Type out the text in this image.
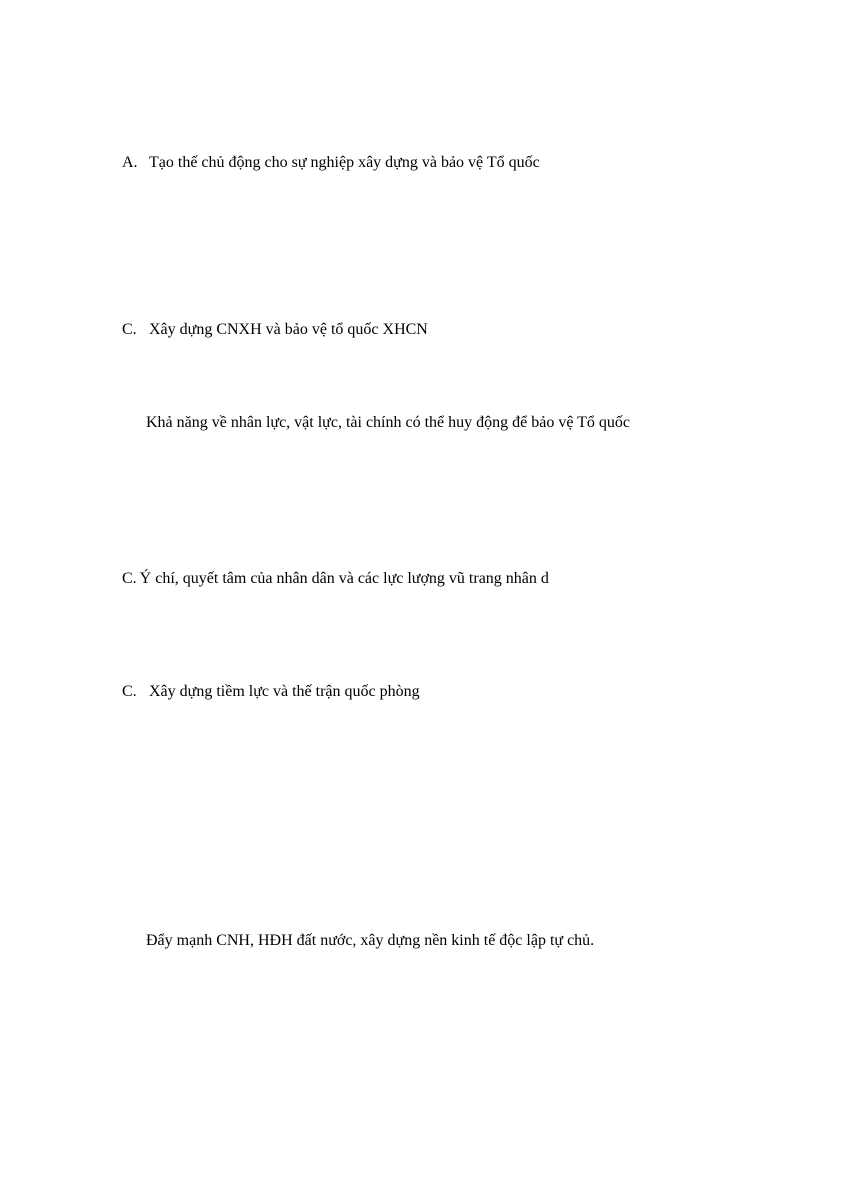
A. Tạo thế chủ động cho sự nghiệp xây dựng và bảo vệ Tổ quốc
C. Xây dựng CNXH và bảo vệ tổ quốc XHCN
Khả năng về nhân lực, vật lực, tài chính có thể huy động để bảo vệ Tổ quốc
C. Ý chí, quyết tâm của nhân dân và các lực lượng vũ trang nhân d
C. Xây dựng tiềm lực và thế trận quốc phòng
Đẩy mạnh CNH, HĐH đất nước, xây dựng nền kinh tế độc lập tự chủ.
